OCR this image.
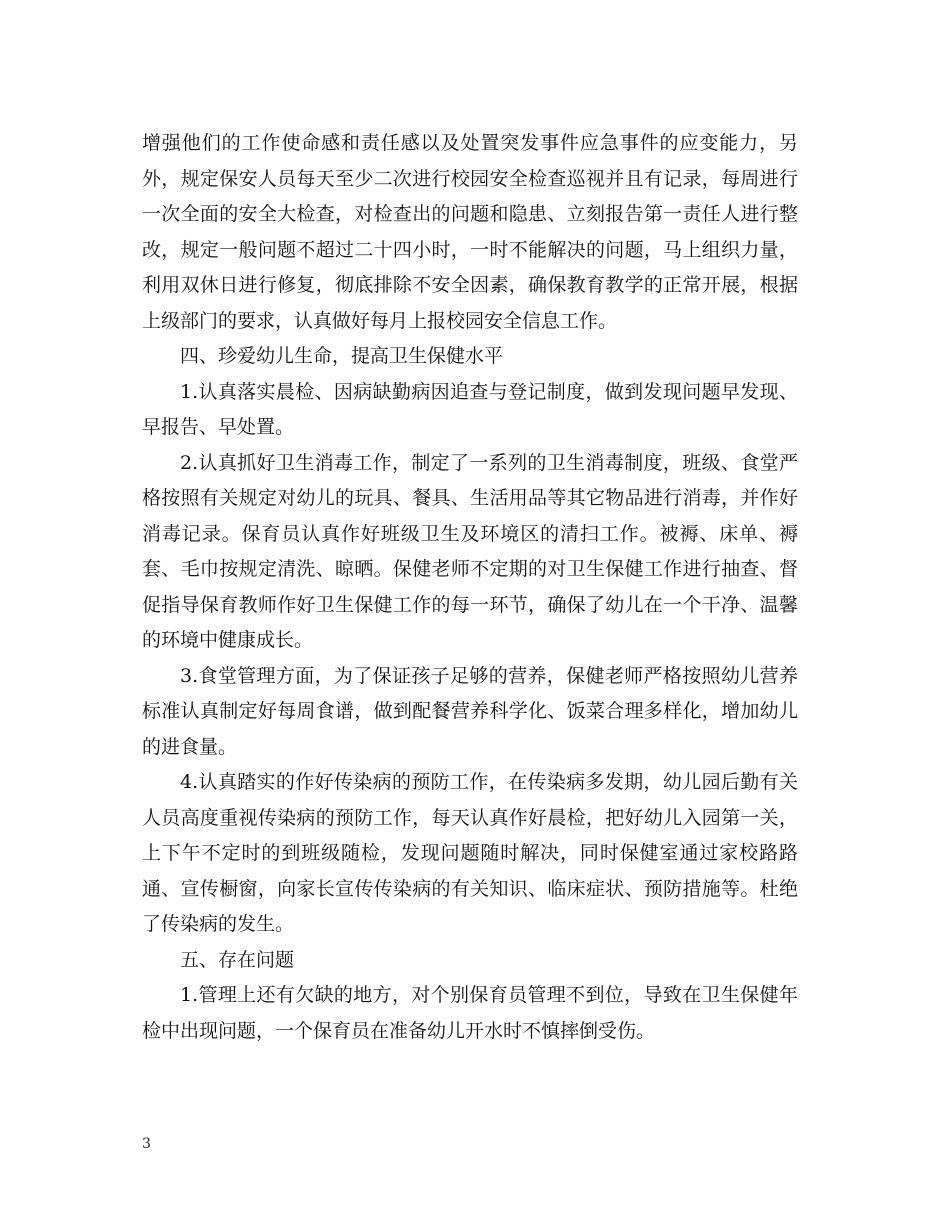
增强他们的工作使命感和责任感以及处置突发事件应急事件的应变能力，另外，规定保安人员每天至少二次进行校园安全检查巡视并且有记录，每周进行一次全面的安全大检查，对检查出的问题和隐患、立刻报告第一责任人进行整改，规定一般问题不超过二十四小时，一时不能解决的问题，马上组织力量，利用双休日进行修复，彻底排除不安全因素，确保教育教学的正常开展，根据上级部门的要求，认真做好每月上报校园安全信息工作。

四、珍爱幼儿生命，提高卫生保健水平

1.认真落实晨检、因病缺勤病因追查与登记制度，做到发现问题早发现、早报告、早处置。

2.认真抓好卫生消毒工作，制定了一系列的卫生消毒制度，班级、食堂严格按照有关规定对幼儿的玩具、餐具、生活用品等其它物品进行消毒，并作好消毒记录。保育员认真作好班级卫生及环境区的清扫工作。被褥、床单、褥套、毛巾按规定清洗、晾晒。保健老师不定期的对卫生保健工作进行抽查、督促指导保育教师作好卫生保健工作的每一环节，确保了幼儿在一个干净、温馨的环境中健康成长。

3.食堂管理方面，为了保证孩子足够的营养，保健老师严格按照幼儿营养标准认真制定好每周食谱，做到配餐营养科学化、饭菜合理多样化，增加幼儿的进食量。

4.认真踏实的作好传染病的预防工作，在传染病多发期，幼儿园后勤有关人员高度重视传染病的预防工作，每天认真作好晨检，把好幼儿入园第一关，上下午不定时的到班级随检，发现问题随时解决，同时保健室通过家校路路通、宣传橱窗，向家长宣传传染病的有关知识、临床症状、预防措施等。杜绝了传染病的发生。

五、存在问题

1.管理上还有欠缺的地方，对个别保育员管理不到位，导致在卫生保健年检中出现问题，一个保育员在准备幼儿开水时不慎摔倒受伤。

3
